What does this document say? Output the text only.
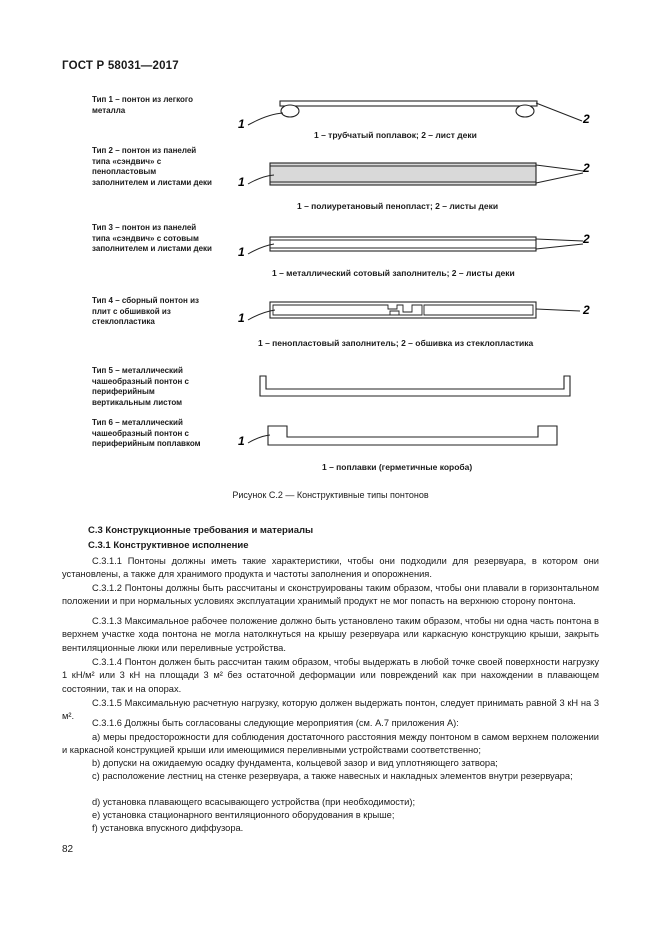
ГОСТ Р 58031—2017
Тип 1 – понтон из легкого металла
Тип 2 – понтон из панелей типа «сэндвич» с пенопластовым заполнителем и листами деки
Тип 3 – понтон из панелей типа «сэндвич» с сотовым заполнителем и листами деки
Тип 4 – сборный понтон из плит с обшивкой из стеклопластика
Тип 5 – металлический чашеобразный понтон с периферийным вертикальным листом
Тип 6 – металлический чашеобразный понтон с периферийным поплавком
1	2
1
2
1
2
1
2
1
1 – трубчатый поплавок; 2 – лист деки
1 – полиуретановый пенопласт; 2 – листы деки
1 – металлический сотовый заполнитель; 2 – листы деки
1 – пенопластовый заполнитель; 2 – обшивка из стеклопластика
1 – поплавки (герметичные короба)
Рисунок С.2 — Конструктивные типы понтонов
С.3 Конструкционные требования и материалы
С.3.1 Конструктивное исполнение
С.3.1.1 Понтоны должны иметь такие характеристики, чтобы они подходили для резервуара, в котором они установлены, а также для хранимого продукта и частоты заполнения и опорожнения.
С.3.1.2 Понтоны должны быть рассчитаны и сконструированы таким образом, чтобы они плавали в горизонтальном положении и при нормальных условиях эксплуатации хранимый продукт не мог попасть на верхнюю сторону понтона.
С.3.1.3 Максимальное рабочее положение должно быть установлено таким образом, чтобы ни одна часть понтона в верхнем участке хода понтона не могла натолкнуться на крышу резервуара или каркасную конструкцию крыши, закрыть вентиляционные люки или переливные устройства.
С.3.1.4 Понтон должен быть рассчитан таким образом, чтобы выдержать в любой точке своей поверхности нагрузку 1 кН/м² или 3 кН на площади 3 м² без остаточной деформации или повреждений как при нахождении в плавающем состоянии, так и на опорах.
С.3.1.5 Максимальную расчетную нагрузку, которую должен выдержать понтон, следует принимать равной 3 кН на 3 м².
С.3.1.6 Должны быть согласованы следующие мероприятия (см. А.7 приложения А):
a) меры предосторожности для соблюдения достаточного расстояния между понтоном в самом верхнем положении и каркасной конструкцией крыши или имеющимися переливными устройствами соответственно;
b) допуски на ожидаемую осадку фундамента, кольцевой зазор и вид уплотняющего затвора;
c) расположение лестниц на стенке резервуара, а также навесных и накладных элементов внутри резервуара;
d) установка плавающего всасывающего устройства (при необходимости);
e) установка стационарного вентиляционного оборудования в крыше;
f) установка впускного диффузора.
82
